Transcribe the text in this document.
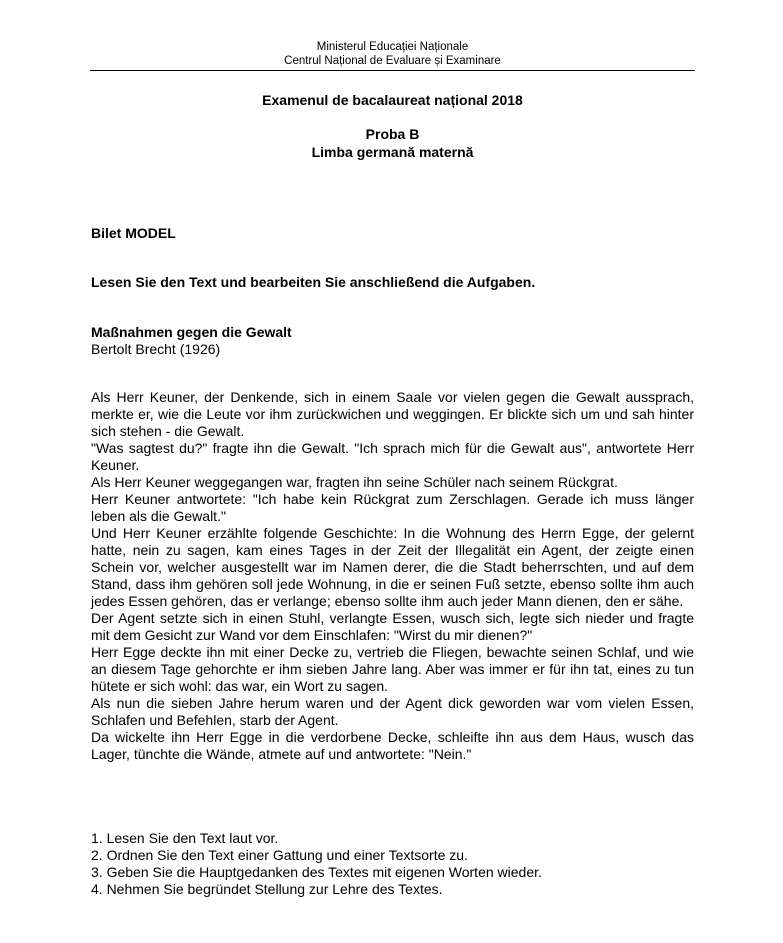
Ministerul Educației Naționale
Centrul Național de Evaluare și Examinare
Examenul de bacalaureat național 2018
Proba B
Limba germană maternă
Bilet MODEL
Lesen Sie den Text und bearbeiten Sie anschließend die Aufgaben.
Maßnahmen gegen die Gewalt
Bertolt Brecht (1926)

Als Herr Keuner, der Denkende, sich in einem Saale vor vielen gegen die Gewalt aussprach, merkte er, wie die Leute vor ihm zurückwichen und weggingen. Er blickte sich um und sah hinter sich stehen - die Gewalt.

"Was sagtest du?" fragte ihn die Gewalt. "Ich sprach mich für die Gewalt aus", antwortete Herr Keuner.

Als Herr Keuner weggegangen war, fragten ihn seine Schüler nach seinem Rückgrat.

Herr Keuner antwortete: "Ich habe kein Rückgrat zum Zerschlagen. Gerade ich muss länger leben als die Gewalt."

Und Herr Keuner erzählte folgende Geschichte: In die Wohnung des Herrn Egge, der gelernt hatte, nein zu sagen, kam eines Tages in der Zeit der Illegalität ein Agent, der zeigte einen Schein vor, welcher ausgestellt war im Namen derer, die die Stadt beherrschten, und auf dem Stand, dass ihm gehören soll jede Wohnung, in die er seinen Fuß setzte, ebenso sollte ihm auch jedes Essen gehören, das er verlange; ebenso sollte ihm auch jeder Mann dienen, den er sähe.

Der Agent setzte sich in einen Stuhl, verlangte Essen, wusch sich, legte sich nieder und fragte mit dem Gesicht zur Wand vor dem Einschlafen: "Wirst du mir dienen?"

Herr Egge deckte ihn mit einer Decke zu, vertrieb die Fliegen, bewachte seinen Schlaf, und wie an diesem Tage gehorchte er ihm sieben Jahre lang. Aber was immer er für ihn tat, eines zu tun hütete er sich wohl: das war, ein Wort zu sagen.

Als nun die sieben Jahre herum waren und der Agent dick geworden war vom vielen Essen, Schlafen und Befehlen, starb der Agent.

Da wickelte ihn Herr Egge in die verdorbene Decke, schleifte ihn aus dem Haus, wusch das Lager, tünchte die Wände, atmete auf und antwortete: "Nein."

1. Lesen Sie den Text laut vor.
2. Ordnen Sie den Text einer Gattung und einer Textsorte zu.
3. Geben Sie die Hauptgedanken des Textes mit eigenen Worten wieder.
4. Nehmen Sie begründet Stellung zur Lehre des Textes.
